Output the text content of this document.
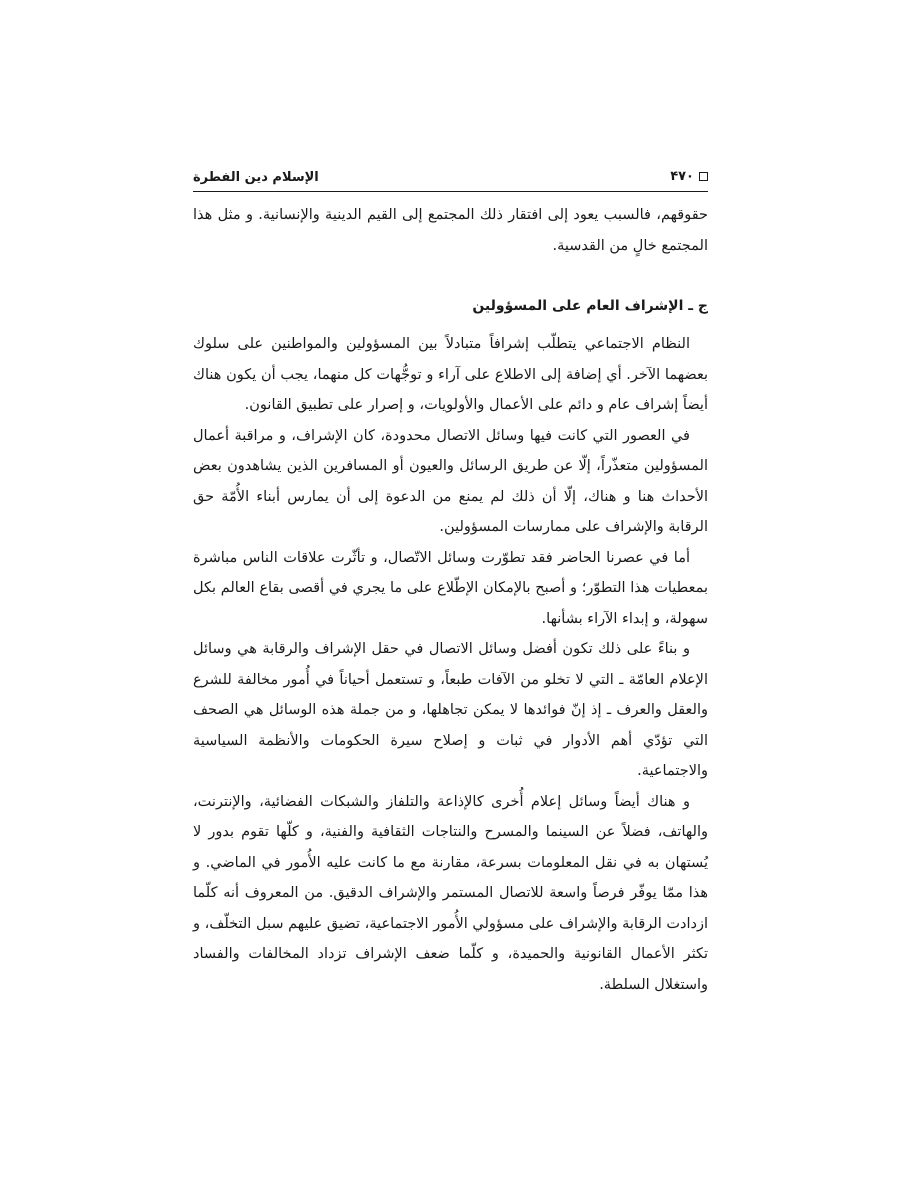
الإسلام دين الفطرة	۴۷۰

حقوقهم، فالسبب يعود إلى افتقار ذلك المجتمع إلى القيم الدينية والإنسانية. و مثل هذا المجتمع خالٍ من القدسية.

ج ـ الإشراف العام على المسؤولين

النظام الاجتماعي يتطلّب إشرافاً متبادلاً بين المسؤولين والمواطنين على سلوك بعضهما الآخر. أي إضافة إلى الاطلاع على آراء و توجُّهات كل منهما، يجب أن يكون هناك أيضاً إشراف عام و دائم على الأعمال والأولويات، و إصرار على تطبيق القانون.

في العصور التي كانت فيها وسائل الاتصال محدودة، كان الإشراف، و مراقبة أعمال المسؤولين متعذّراً، إلّا عن طريق الرسائل والعيون أو المسافرين الذين يشاهدون بعض الأحداث هنا و هناك، إلّا أن ذلك لم يمنع من الدعوة إلى أن يمارس أبناء الأُمّة حق الرقابة والإشراف على ممارسات المسؤولين.

أما في عصرنا الحاضر فقد تطوّرت وسائل الاتّصال، و تأثّرت علاقات الناس مباشرة بمعطيات هذا التطوّر؛ و أصبح بالإمكان الإطّلاع على ما يجري في أقصى بقاع العالم بكل سهولة، و إبداء الآراء بشأنها.

و بناءً على ذلك تكون أفضل وسائل الاتصال في حقل الإشراف والرقابة هي وسائل الإعلام العامّة ـ التي لا تخلو من الآفات طبعاً، و تستعمل أحياناً في أُمور مخالفة للشرع والعقل والعرف ـ إذ إنّ فوائدها لا يمكن تجاهلها، و من جملة هذه الوسائل هي الصحف التي تؤدّي أهم الأدوار في ثبات و إصلاح سيرة الحكومات والأنظمة السياسية والاجتماعية.

و هناك أيضاً وسائل إعلام أُخرى كالإذاعة والتلفاز والشبكات الفضائية، والإنترنت، والهاتف، فضلاً عن السينما والمسرح والنتاجات الثقافية والفنية، و كلّها تقوم بدور لا يُستهان به في نقل المعلومات بسرعة، مقارنة مع ما كانت عليه الأُمور في الماضي. و هذا ممّا يوفّر فرصاً واسعة للاتصال المستمر والإشراف الدقيق. من المعروف أنه كلّما ازدادت الرقابة والإشراف على مسؤولي الأُمور الاجتماعية، تضيق عليهم سبل التخلّف، و تكثر الأعمال القانونية والحميدة، و كلّما ضعف الإشراف تزداد المخالفات والفساد واستغلال السلطة.
